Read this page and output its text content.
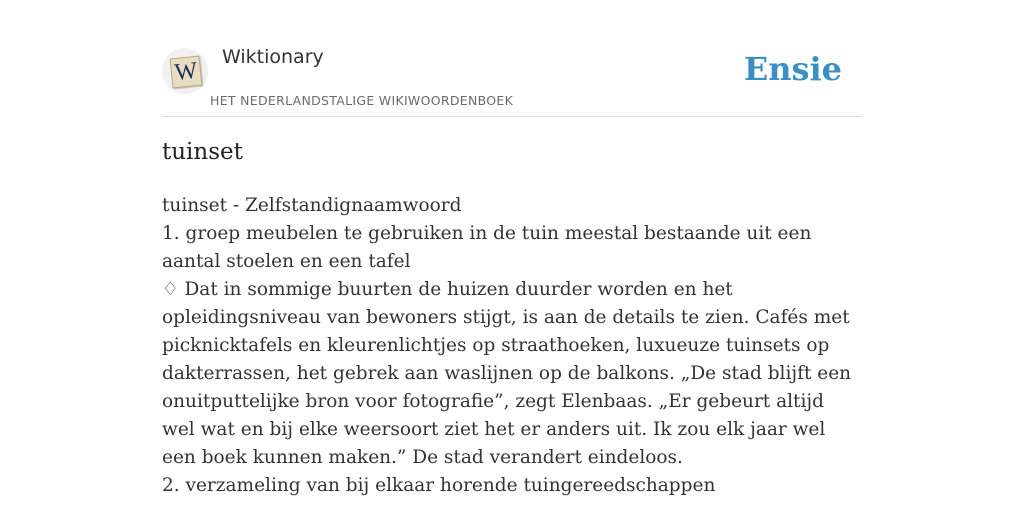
W
Wiktionary
HET NEDERLANDSTALIGE WIKIWOORDENBOEK
Ensie
tuinset

tuinset - Zelfstandignaamwoord

1. groep meubelen te gebruiken in de tuin meestal bestaande uit een aantal stoelen en een tafel

♢ Dat in sommige buurten de huizen duurder worden en het opleidingsniveau van bewoners stijgt, is aan de details te zien. Cafés met picknicktafels en kleurenlichtjes op straathoeken, luxueuze tuinsets op dakterrassen, het gebrek aan waslijnen op de balkons. „De stad blijft een onuitputtelijke bron voor fotografie”, zegt Elenbaas. „Er gebeurt altijd wel wat en bij elke weersoort ziet het er anders uit. Ik zou elk jaar wel een boek kunnen maken.” De stad verandert eindeloos.

2. verzameling van bij elkaar horende tuingereedschappen
